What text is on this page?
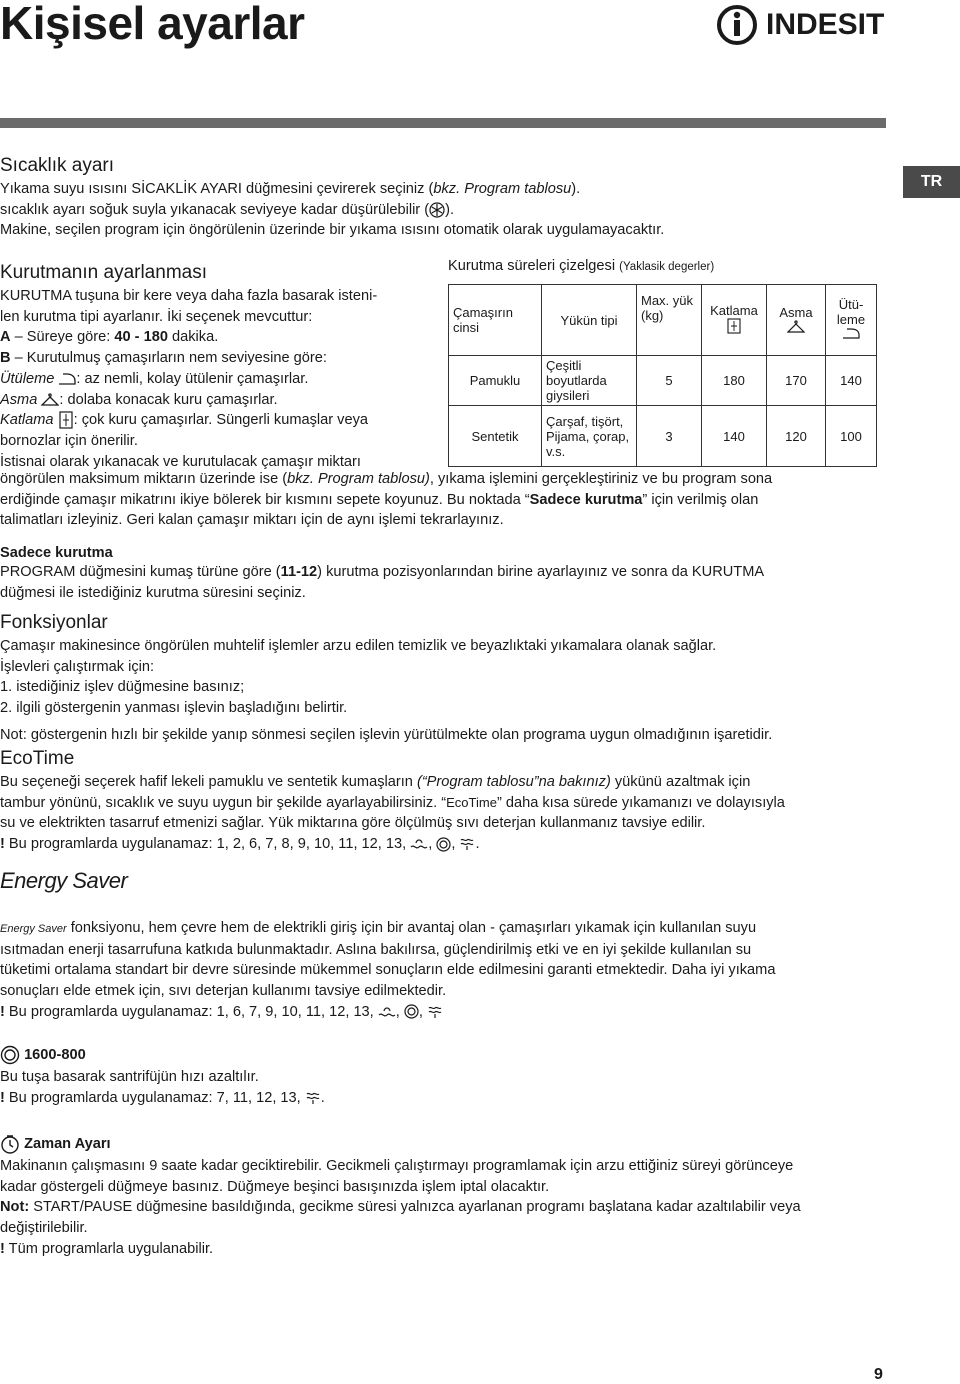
Kişisel ayarlar	INDESIT
TR
Sıcaklık ayarı
Yıkama suyu ısısını SİCAKLİK AYARI düğmesini çevirerek seçiniz (bkz. Program tablosu).
sıcaklık ayarı soğuk suyla yıkanacak seviyeye kadar düşürülebilir ( ).
Makine, seçilen program için öngörülenin üzerinde bir yıkama ısısını otomatik olarak uygulamayacaktır.
Kurutmanın ayarlanması
KURUTMA tuşuna bir kere veya daha fazla basarak isteni-
len kurutma tipi ayarlanır. İki seçenek mevcuttur:
A – Süreye göre: 40 - 180 dakika.
B – Kurutulmuş çamaşırların nem seviyesine göre:
Ütüleme : az nemli, kolay ütülenir çamaşırlar.
Asma : dolaba konacak kuru çamaşırlar.
Katlama : çok kuru çamaşırlar. Süngerli kumaşlar veya
bornozlar için önerilir.
İstisnai olarak yıkanacak ve kurutulacak çamaşır miktarı
öngörülen maksimum miktarın üzerinde ise (bkz. Program tablosu), yıkama işlemini gerçekleştiriniz ve bu program sona
erdiğinde çamaşır mikatrını ikiye bölerek bir kısmını sepete koyunuz. Bu noktada “Sadece kurutma” için verilmiş olan
talimatları izleyiniz. Geri kalan çamaşır miktarı için de aynı işlemi tekrarlayınız.
Kurutma süreleri çizelgesi (Yaklasik degerler)
Çamaşırın cinsi	Yükün tipi	Max. yük (kg)	Katlama	Asma	Ütü- leme

Pamuklu	Çeşitli boyutlarda giysileri	5	180	170	140
Sentetik	Çarşaf, tişört, Pijama, çorap, v.s.	3	140	120	100
Sadece kurutma
PROGRAM düğmesini kumaş türüne göre (11-12) kurutma pozisyonlarından birine ayarlayınız ve sonra da KURUTMA
düğmesi ile istediğiniz kurutma süresini seçiniz.
Fonksiyonlar
Çamaşır makinesince öngörülen muhtelif işlemler arzu edilen temizlik ve beyazlıktaki yıkamalara olanak sağlar.
İşlevleri çalıştırmak için:
1. istediğiniz işlev düğmesine basınız;
2. ilgili göstergenin yanması işlevin başladığını belirtir.
Not: göstergenin hızlı bir şekilde yanıp sönmesi seçilen işlevin yürütülmekte olan programa uygun olmadığının işaretidir.
EcoTime
Bu seçeneği seçerek hafif lekeli pamuklu ve sentetik kumaşların (“Program tablosu”na bakınız) yükünü azaltmak için
tambur yönünü, sıcaklık ve suyu uygun bir şekilde ayarlayabilirsiniz. “EcoTime” daha kısa sürede yıkamanızı ve dolayısıyla
su ve elektrikten tasarruf etmenizi sağlar. Yük miktarına göre ölçülmüş sıvı deterjan kullanmanız tavsiye edilir.
! Bu programlarda uygulanamaz: 1, 2, 6, 7, 8, 9, 10, 11, 12, 13, , , .
Energy Saver
Energy Saver fonksiyonu, hem çevre hem de elektrikli giriş için bir avantaj olan - çamaşırları yıkamak için kullanılan suyu
ısıtmadan enerji tasarrufuna katkıda bulunmaktadır. Aslına bakılırsa, güçlendirilmiş etki ve en iyi şekilde kullanılan su
tüketimi ortalama standart bir devre süresinde mükemmel sonuçların elde edilmesini garanti etmektedir. Daha iyi yıkama
sonuçları elde etmek için, sıvı deterjan kullanımı tavsiye edilmektedir.
! Bu programlarda uygulanamaz: 1, 6, 7, 9, 10, 11, 12, 13, , ,
1600-800
Bu tuşa basarak santrifüjün hızı azaltılır.
! Bu programlarda uygulanamaz: 7, 11, 12, 13, .
Zaman Ayarı
Makinanın çalışmasını 9 saate kadar geciktirebilir. Gecikmeli çalıştırmayı programlamak için arzu ettiğiniz süreyi görünceye
kadar göstergeli düğmeye basınız. Düğmeye beşinci basışınızda işlem iptal olacaktır.
Not: START/PAUSE düğmesine basıldığında, gecikme süresi yalnızca ayarlanan programı başlatana kadar azaltılabilir veya
değiştirilebilir.
! Tüm programlarla uygulanabilir.
9
